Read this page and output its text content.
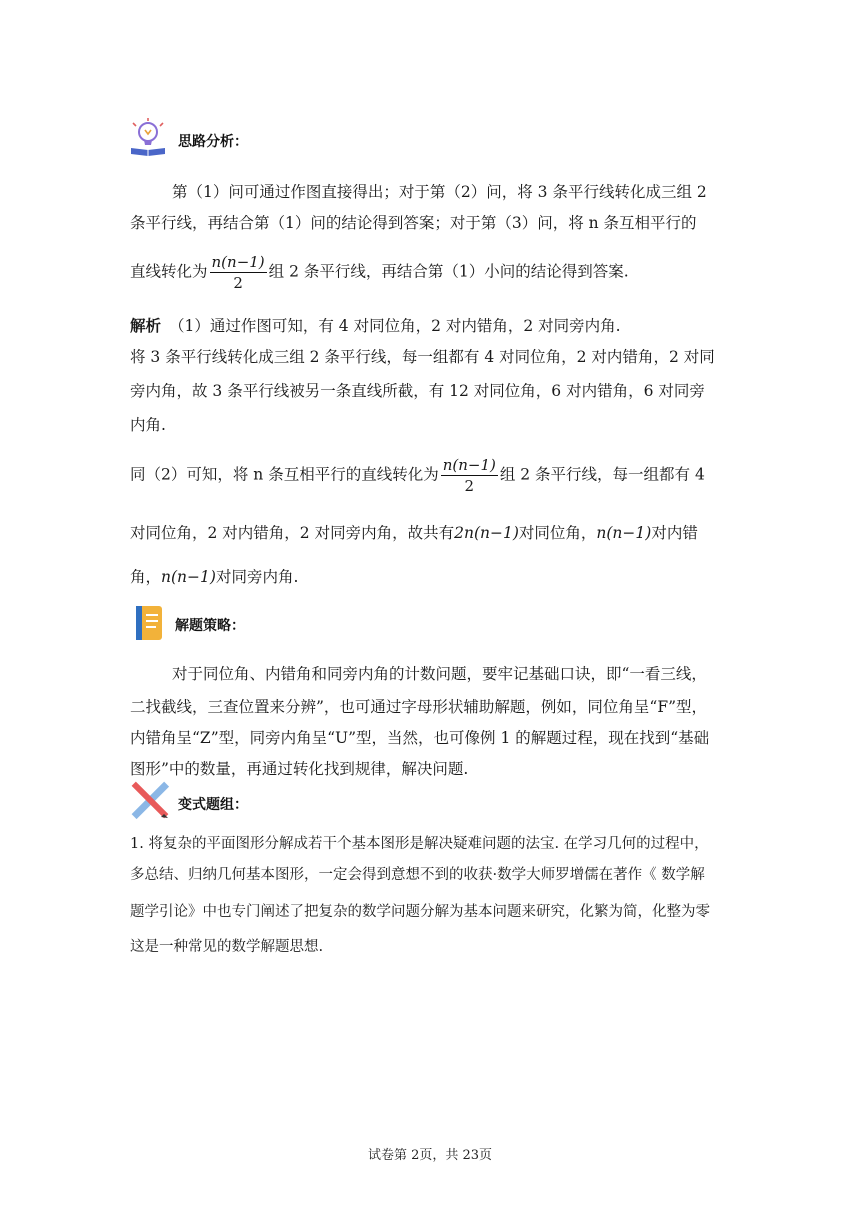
思路分析：
第（1）问可通过作图直接得出；对于第（2）问，将 3 条平行线转化成三组 2
条平行线，再结合第（1）问的结论得到答案；对于第（3）问，将 n 条互相平行的
直线转化为 $\frac{n(n-1)}{2}$ 组 2 条平行线，再结合第（1）小问的结论得到答案.
解析 （1）通过作图可知，有 4 对同位角，2 对内错角，2 对同旁内角.
将 3 条平行线转化成三组 2 条平行线，每一组都有 4 对同位角，2 对内错角，2 对同
旁内角，故 3 条平行线被另一条直线所截，有 12 对同位角，6 对内错角，6 对同旁
内角.
同（2）可知，将 n 条互相平行的直线转化为 $\frac{n(n-1)}{2}$ 组 2 条平行线，每一组都有 4
对同位角，2 对内错角，2 对同旁内角，故共有2n(n−1)对同位角，n(n−1)对内错
角，n(n−1)对同旁内角.
解题策略：
对于同位角、内错角和同旁内角的计数问题，要牢记基础口诀，即“一看三线，
二找截线，三查位置来分辨”，也可通过字母形状辅助解题，例如，同位角呈“F”型，
内错角呈“Z”型，同旁内角呈“U”型，当然，也可像例 1 的解题过程，现在找到“基础
图形”中的数量，再通过转化找到规律，解决问题.
变式题组：
1. 将复杂的平面图形分解成若干个基本图形是解决疑难问题的法宝. 在学习几何的过程中，
多总结、归纳几何基本图形，一定会得到意想不到的收获·数学大师罗增儒在著作《 数学解
题学引论》中也专门阐述了把复杂的数学问题分解为基本问题来研究，化繁为简，化整为零
这是一种常见的数学解题思想.
试卷第 2页，共 23页
